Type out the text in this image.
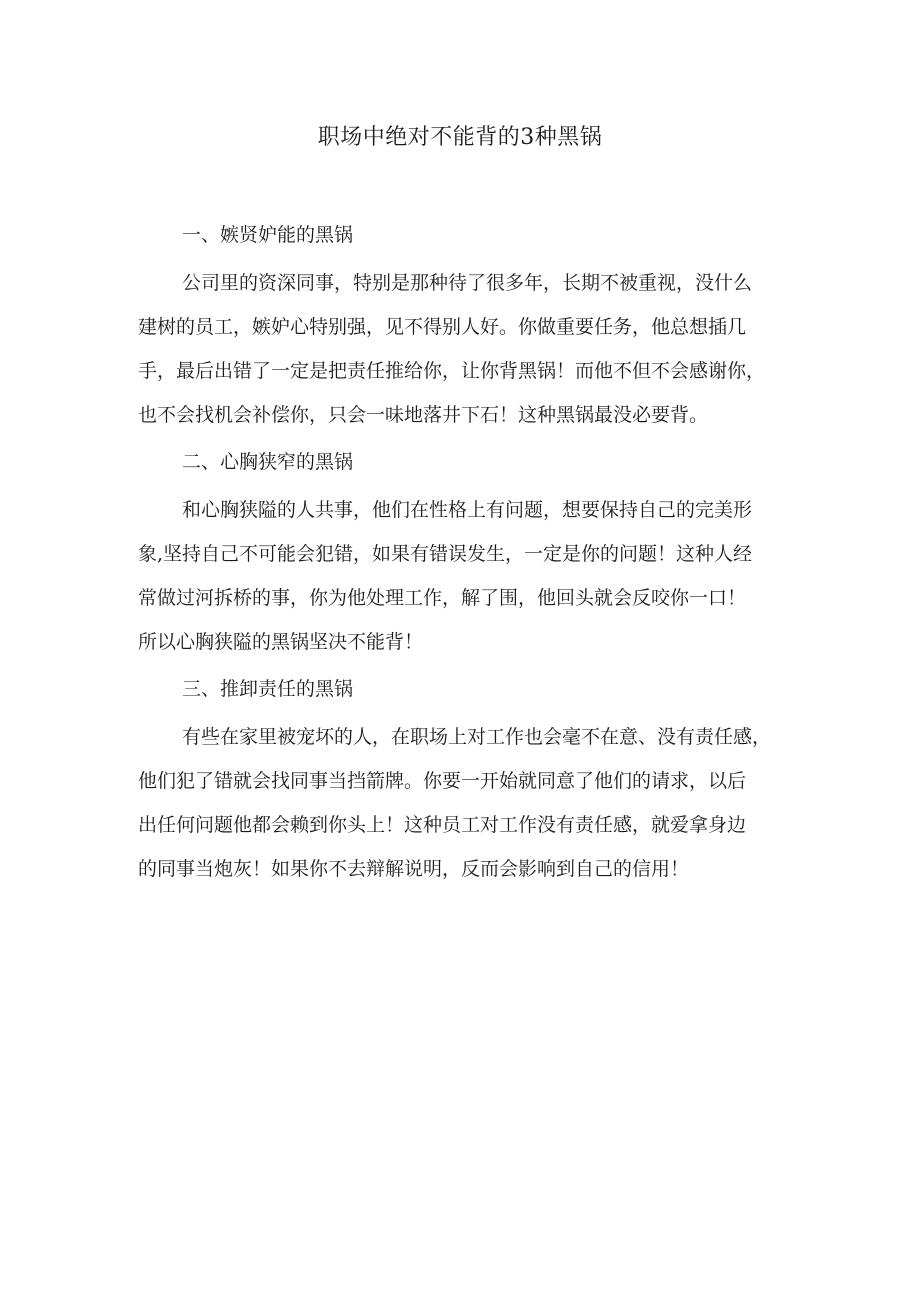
职场中绝对不能背的3种黑锅
一、嫉贤妒能的黑锅
公司里的资深同事，特别是那种待了很多年，长期不被重视，没什么
建树的员工，嫉妒心特别强，见不得别人好。你做重要任务，他总想插几
手，最后出错了一定是把责任推给你，让你背黑锅！而他不但不会感谢你，
也不会找机会补偿你，只会一味地落井下石！这种黑锅最没必要背。
二、心胸狭窄的黑锅
和心胸狭隘的人共事，他们在性格上有问题，想要保持自己的完美形
象,坚持自己不可能会犯错，如果有错误发生，一定是你的问题！这种人经
常做过河拆桥的事，你为他处理工作，解了围，他回头就会反咬你一口！
所以心胸狭隘的黑锅坚决不能背！
三、推卸责任的黑锅
有些在家里被宠坏的人，在职场上对工作也会毫不在意、没有责任感，
他们犯了错就会找同事当挡箭牌。你要一开始就同意了他们的请求，以后
出任何问题他都会赖到你头上！这种员工对工作没有责任感，就爱拿身边
的同事当炮灰！如果你不去辩解说明，反而会影响到自己的信用！
